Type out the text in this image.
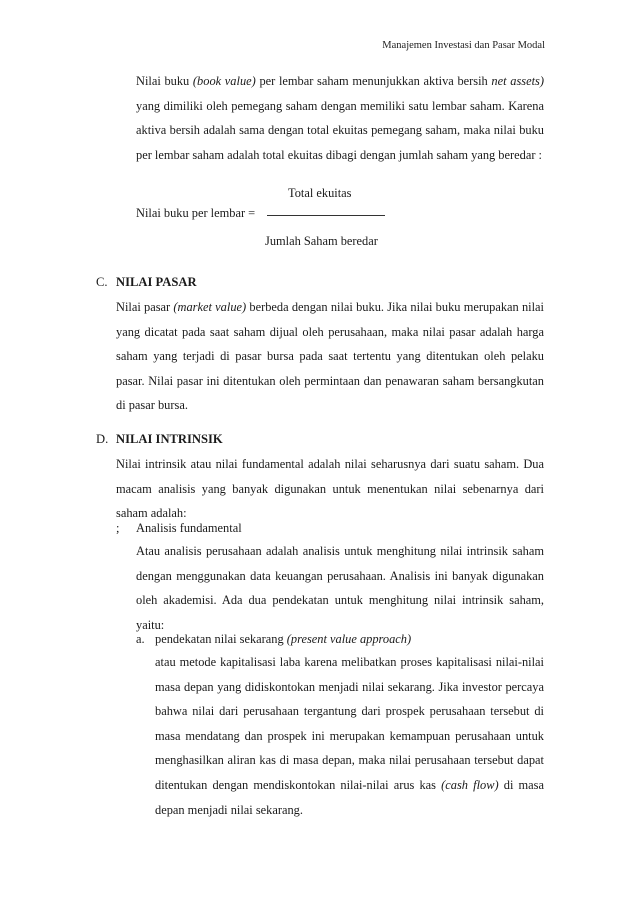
Manajemen Investasi dan Pasar Modal
Nilai buku (book value) per lembar saham menunjukkan aktiva bersih net assets) yang dimiliki oleh pemegang saham dengan memiliki satu lembar saham. Karena aktiva bersih adalah sama dengan total ekuitas pemegang saham, maka nilai buku per lembar saham adalah total ekuitas dibagi dengan jumlah saham yang beredar :
Total ekuitas
Nilai buku per lembar =
Jumlah Saham beredar
C. NILAI PASAR
Nilai pasar (market value) berbeda dengan nilai buku. Jika nilai buku merupakan nilai yang dicatat pada saat saham dijual oleh perusahaan, maka nilai pasar adalah harga saham yang terjadi di pasar bursa pada saat tertentu yang ditentukan oleh pelaku pasar. Nilai pasar ini ditentukan oleh permintaan dan penawaran saham bersangkutan di pasar bursa.
D. NILAI INTRINSIK
Nilai intrinsik atau nilai fundamental adalah nilai seharusnya dari suatu saham. Dua macam analisis yang banyak digunakan untuk menentukan nilai sebenarnya dari saham adalah:
; Analisis fundamental
Atau analisis perusahaan adalah analisis untuk menghitung nilai intrinsik saham dengan menggunakan data keuangan perusahaan. Analisis ini banyak digunakan oleh akademisi. Ada dua pendekatan untuk menghitung nilai intrinsik saham, yaitu:
a. pendekatan nilai sekarang (present value approach)
atau metode kapitalisasi laba karena melibatkan proses kapitalisasi nilai-nilai masa depan yang didiskontokan menjadi nilai sekarang. Jika investor percaya bahwa nilai dari perusahaan tergantung dari prospek perusahaan tersebut di masa mendatang dan prospek ini merupakan kemampuan perusahaan untuk menghasilkan aliran kas di masa depan, maka nilai perusahaan tersebut dapat ditentukan dengan mendiskontokan nilai-nilai arus kas (cash flow) di masa depan menjadi nilai sekarang.
